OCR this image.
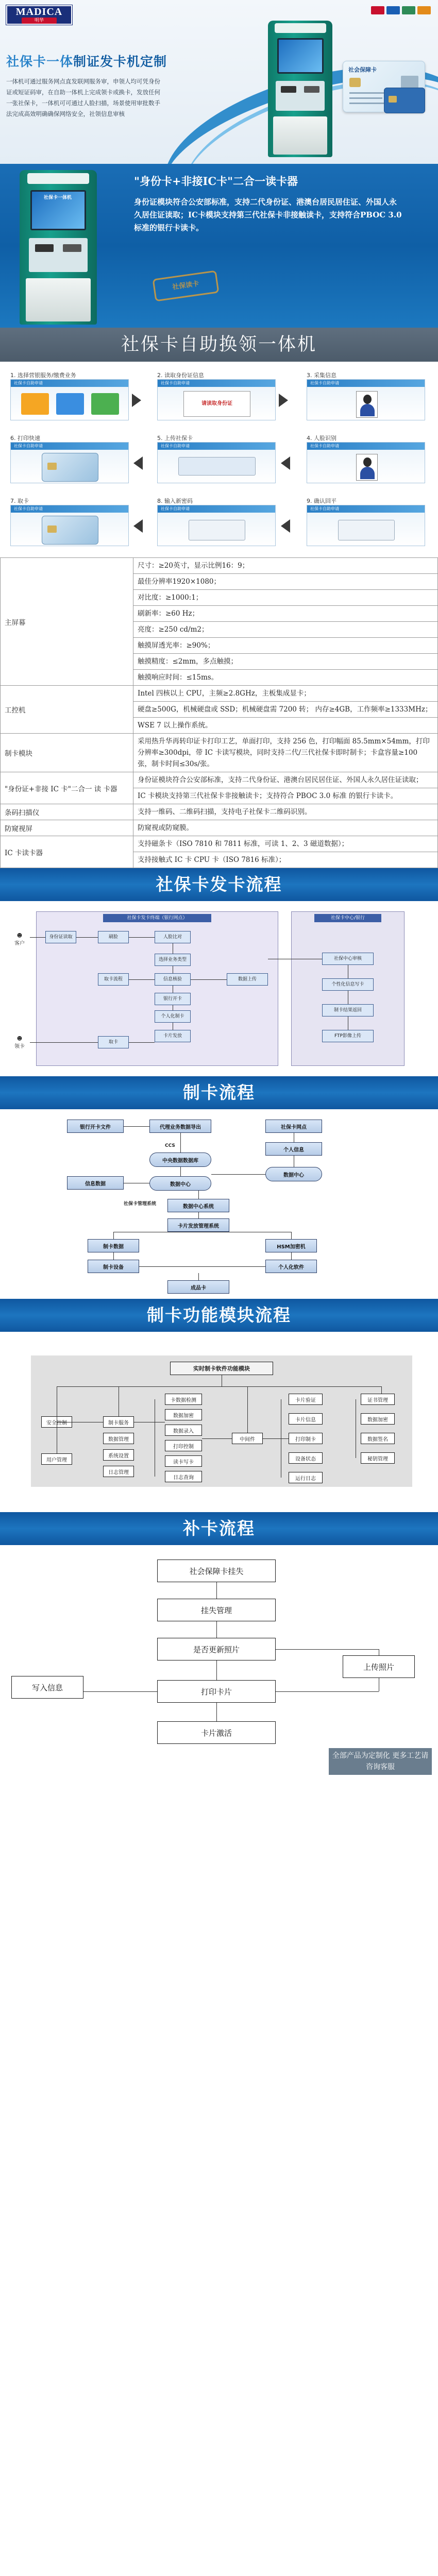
MADICA
明华
社保卡一体制证发卡机定制
一体机可通过服务网点直发联网服务审，申领人均可凭身份证或短证码审，在自助一体机上完成领卡或换卡，发放任何一张社保卡，一体机可可通过人脸扫描，场景使用审批数手法完成高效明确确保网络安全，社领信息审核
社会保障卡
社保卡一体机
"身份卡+非接IC卡"二合一读卡器
身份证模块符合公安部标准，支持二代身份证、港澳台居民居住证、外国人永久居住证读取；IC卡模块支持第三代社保卡非接触读卡，支持符合PBOC 3.0标准的银行卡读卡。
社保读卡
社保卡自助换领一体机
1. 选择营银服务/缴费业务
社保卡自助申请
2. 读取身份证信息
社保卡自助申请
请读取身份证
3. 采集信息
社保卡自助申请
6. 打印快速
社保卡自助申请
5. 上传社保卡
社保卡自助申请
4. 人脸识别
社保卡自助申请
7. 取卡
社保卡自助申请
8. 输入新密码
社保卡自助申请
9. 确认回平
社保卡自助申请
主屏幕	尺寸：≥20英寸，显示比例16：9；
	最佳分辨率1920×1080；
	对比度：≥1000:1；
	刷新率：≥60 Hz；
	亮度：≥250 cd/m2；
	触摸屏透光率：≥90%；
	触摸精度：≤2mm，多点触摸；
	触摸响应时间：≤15ms。
工控机	Intel 四核以上 CPU，主频≥2.8GHz，主板集成显卡；
	硬盘≥500G，机械硬盘或 SSD；机械硬盘需 7200 转； 内存≥4GB，工作频率≥1333MHz；
	WSE 7 以上操作系统。
制卡模块	采用热升华再转印证卡打印工艺，单面打印，支持 256 色，打印幅面 85.5mm×54mm，打印分辨率≥300dpi，带 IC 卡读写模块，同时支持二代/三代社保卡即时制卡；卡盒容量≥100 张，制卡时间≤30s/张。
"身份证+非接 IC 卡"二合一 读 卡器	身份证模块符合公安部标准，支持二代身份证、港澳台居民居住证、外国人永久居住证读取；
	IC 卡模块支持第三代社保卡非接触读卡；支持符合 PBOC 3.0 标准 的银行卡读卡。
条码扫描仪	支持一维码、二维码扫描，支持电子社保卡二维码识别。
防窥视屏	防窥视或防窥膜。
IC 卡读卡器	支持磁条卡（ISO 7810 和 7811 标准，可读 1、2、3 磁道数据）；
	支持接触式 IC 卡 CPU 卡（ISO 7816 标准）；
社保卡发卡流程
社保卡发卡终端（银行网点）	社保卡中心/银行
☻
客户
☻
领卡
身份证读取	刷脸	人脸比对
选择业务类型
取卡流程	信息核验	数据上传
银行开卡
个人化制卡
卡片发放
社保中心审核
个性化信息写卡
取卡
制卡结果返回
FTP影像上传
制卡流程
银行开卡文件	代理业务数据导出	社保卡网点
个人信息
中央数据数据库
数据中心
数据中心
信息数据
数据中心系统
卡片发放管理系统
制卡数据	HSM加密机
制卡设备	个人化软件
成品卡
CCS
社保卡管理系统
制卡功能模块流程
实时制卡软件功能模块
安全控制
用户管理
制卡服务
数据管理
系统设置
日志管理
卡数据检测
数据加密
数据录入
打印控制
读卡写卡
日志查询
中间件
卡片验证
卡片信息
打印制卡
设备状态
运行日志
证书管理
数据加密
数据签名
秘钥管理
补卡流程
社会保障卡挂失
挂失管理
是否更新照片
打印卡片
卡片激活
上传照片
写入信息
全部产品为定制化 更多工艺请咨询客服
